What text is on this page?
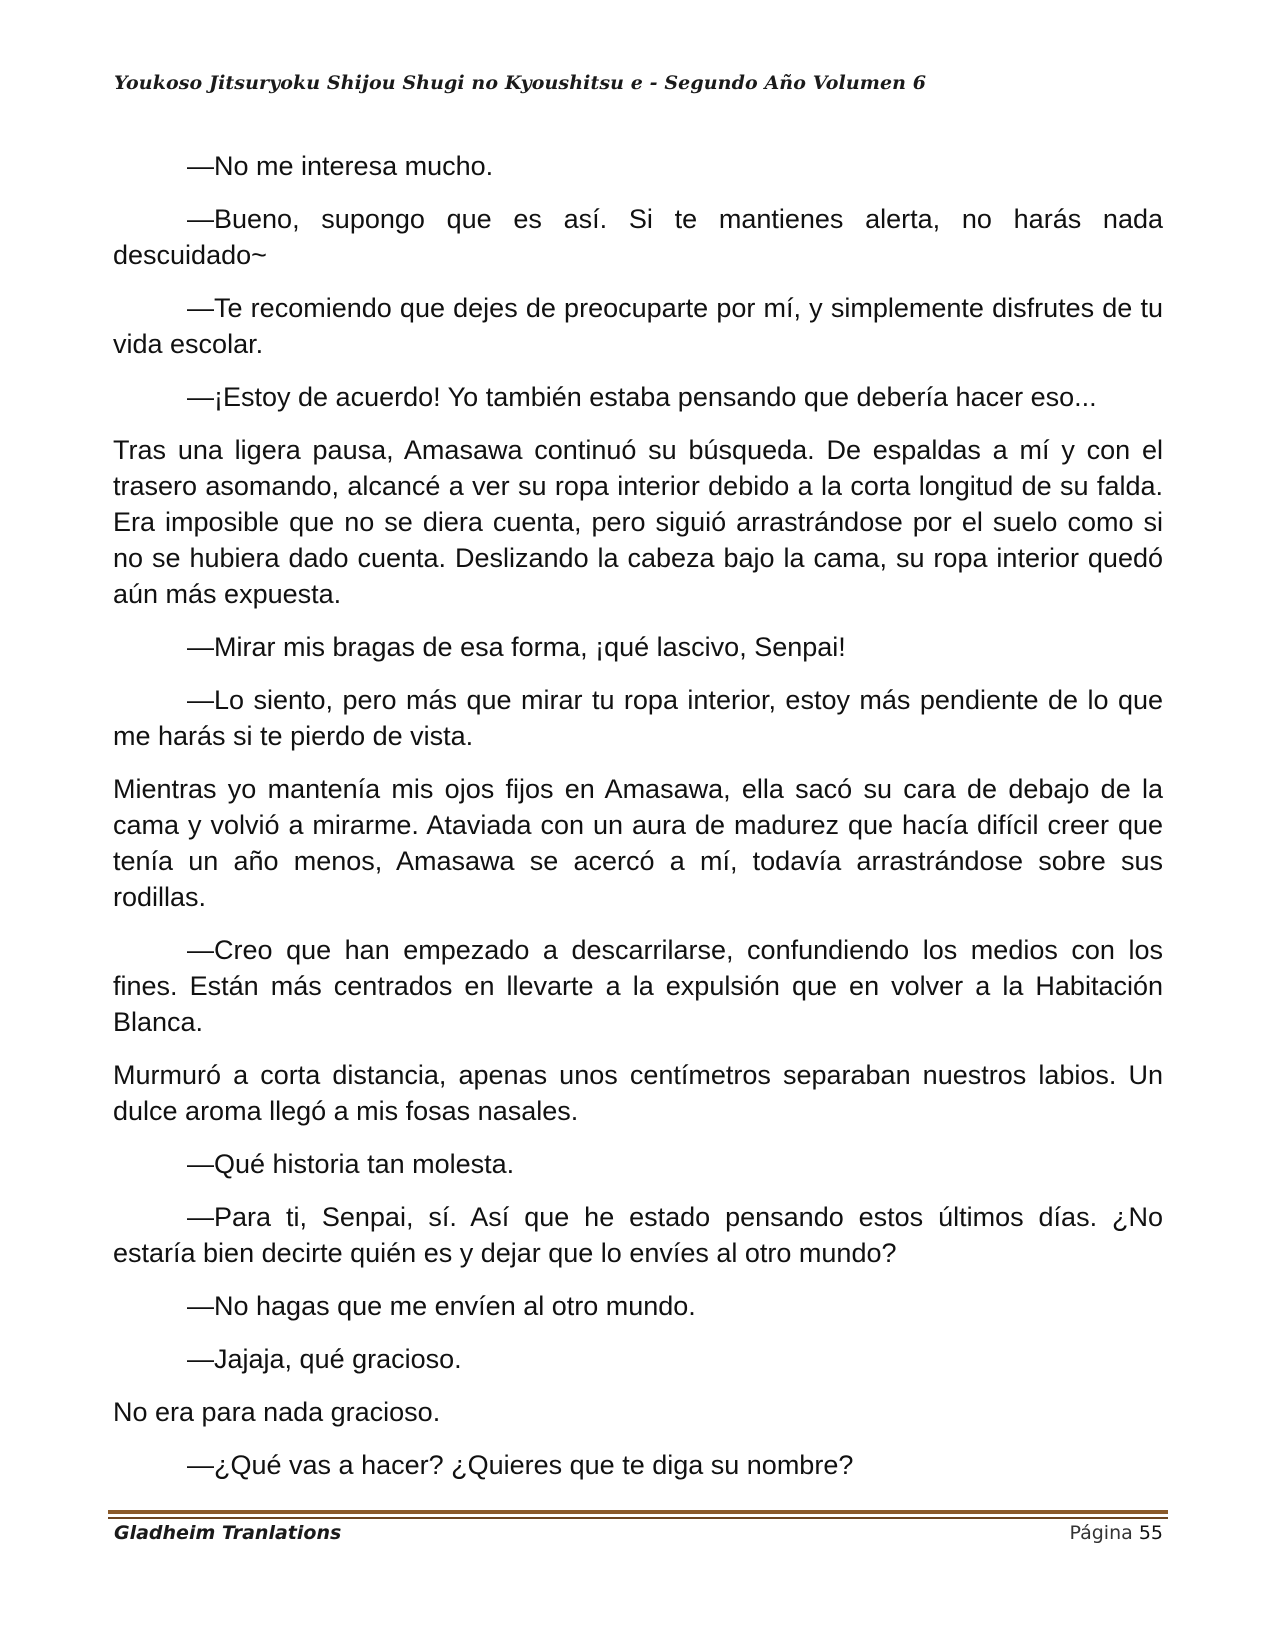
Youkoso Jitsuryoku Shijou Shugi no Kyoushitsu e - Segundo Año Volumen 6

—No me interesa mucho.

—Bueno, supongo que es así. Si te mantienes alerta, no harás nada descuidado~

—Te recomiendo que dejes de preocuparte por mí, y simplemente disfrutes de tu vida escolar.

—¡Estoy de acuerdo! Yo también estaba pensando que debería hacer eso...

Tras una ligera pausa, Amasawa continuó su búsqueda. De espaldas a mí y con el trasero asomando, alcancé a ver su ropa interior debido a la corta longitud de su falda. Era imposible que no se diera cuenta, pero siguió arrastrándose por el suelo como si no se hubiera dado cuenta. Deslizando la cabeza bajo la cama, su ropa interior quedó aún más expuesta.

—Mirar mis bragas de esa forma, ¡qué lascivo, Senpai!

—Lo siento, pero más que mirar tu ropa interior, estoy más pendiente de lo que me harás si te pierdo de vista.

Mientras yo mantenía mis ojos fijos en Amasawa, ella sacó su cara de debajo de la cama y volvió a mirarme. Ataviada con un aura de madurez que hacía difícil creer que tenía un año menos, Amasawa se acercó a mí, todavía arrastrándose sobre sus rodillas.

—Creo que han empezado a descarrilarse, confundiendo los medios con los fines. Están más centrados en llevarte a la expulsión que en volver a la Habitación Blanca.

Murmuró a corta distancia, apenas unos centímetros separaban nuestros labios. Un dulce aroma llegó a mis fosas nasales.

—Qué historia tan molesta.

—Para ti, Senpai, sí. Así que he estado pensando estos últimos días. ¿No estaría bien decirte quién es y dejar que lo envíes al otro mundo?

—No hagas que me envíen al otro mundo.

—Jajaja, qué gracioso.

No era para nada gracioso.

—¿Qué vas a hacer? ¿Quieres que te diga su nombre?

Gladheim Tranlations	Página 55
